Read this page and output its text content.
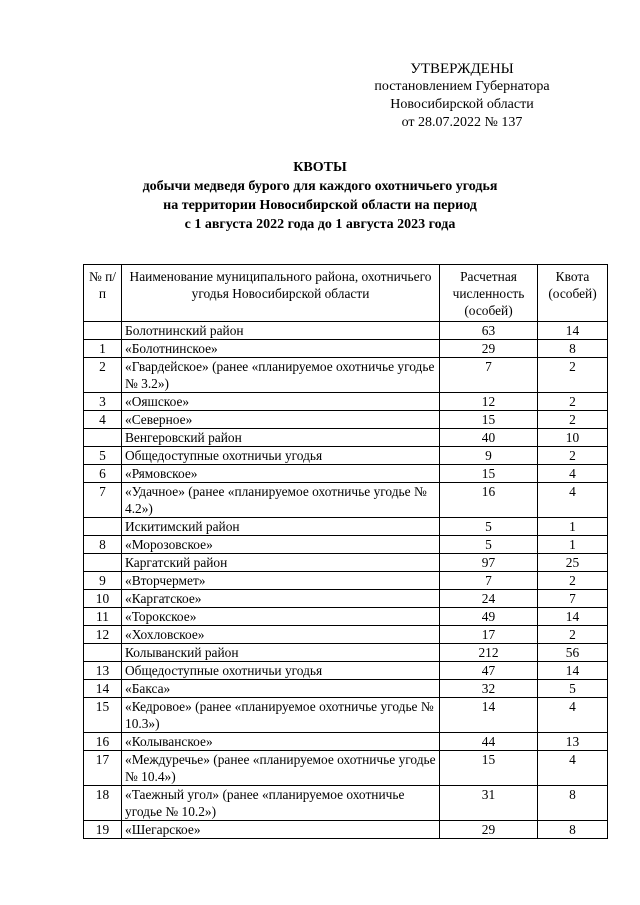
УТВЕРЖДЕНЫ
постановлением Губернатора
Новосибирской области
от 28.07.2022 № 137
КВОТЫ
добычи медведя бурого для каждого охотничьего угодья
на территории Новосибирской области на период
с 1 августа 2022 года до 1 августа 2023 года
№ п/п	Наименование муниципального района, охотничьего угодья Новосибирской области	Расчетная численность (особей)	Квота (особей)
	Болотнинский район	63	14
1	«Болотнинское»	29	8
2	«Гвардейское» (ранее «планируемое охотничье угодье № 3.2»)	7	2
3	«Ояшское»	12	2
4	«Северное»	15	2
	Венгеровский район	40	10
5	Общедоступные охотничьи угодья	9	2
6	«Рямовское»	15	4
7	«Удачное» (ранее «планируемое охотничье угодье № 4.2»)	16	4
	Искитимский район	5	1
8	«Морозовское»	5	1
	Каргатский район	97	25
9	«Вторчермет»	7	2
10	«Каргатское»	24	7
11	«Торокское»	49	14
12	«Хохловское»	17	2
	Колыванский район	212	56
13	Общедоступные охотничьи угодья	47	14
14	«Бакса»	32	5
15	«Кедровое» (ранее «планируемое охотничье угодье № 10.3»)	14	4
16	«Колыванское»	44	13
17	«Междуречье» (ранее «планируемое охотничье угодье № 10.4»)	15	4
18	«Таежный угол» (ранее «планируемое охотничье угодье № 10.2»)	31	8
19	«Шегарское»	29	8
